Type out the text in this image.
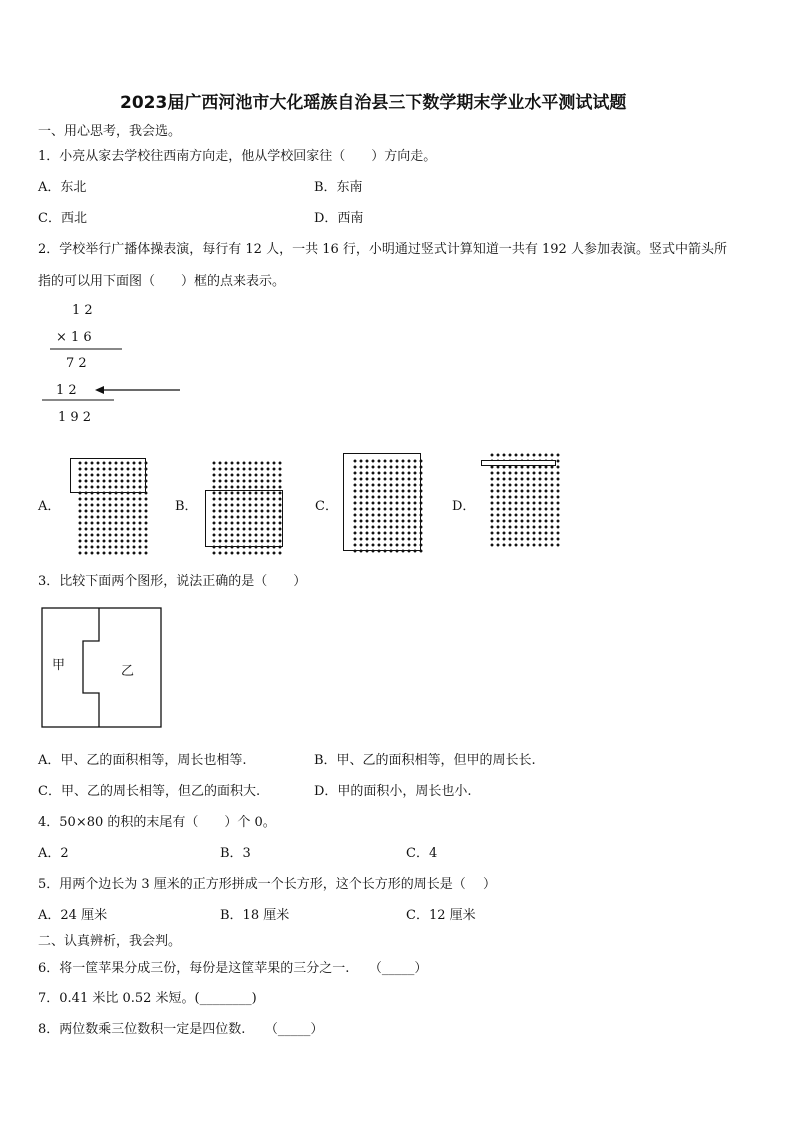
2023届广西河池市大化瑶族自治县三下数学期末学业水平测试试题
一、用心思考，我会选。
1．小亮从家去学校往西南方向走，他从学校回家往（　　）方向走。
A．东北	B．东南
C．西北	D．西南
2．学校举行广播体操表演，每行有 12 人，一共 16 行，小明通过竖式计算知道一共有 192 人参加表演。竖式中箭头所
指的可以用下面图（　　）框的点来表示。
1 2
× 1 6
7 2
1 2
1 9 2
A．	B．	C．	D．
3．比较下面两个图形，说法正确的是（　　）
甲	乙
A．甲、乙的面积相等，周长也相等.	B．甲、乙的面积相等，但甲的周长长.
C．甲、乙的周长相等，但乙的面积大.	D．甲的面积小，周长也小.
4．50×80 的积的末尾有（　　）个 0。
A．2	B．3	C．4
5．用两个边长为 3 厘米的正方形拼成一个长方形，这个长方形的周长是（　 ）
A．24 厘米	B．18 厘米	C．12 厘米
二、认真辨析，我会判。
6．将一筐苹果分成三份，每份是这筐苹果的三分之一.　　（_____）
7．0.41 米比 0.52 米短。(________)
8．两位数乘三位数积一定是四位数.　　（_____）
